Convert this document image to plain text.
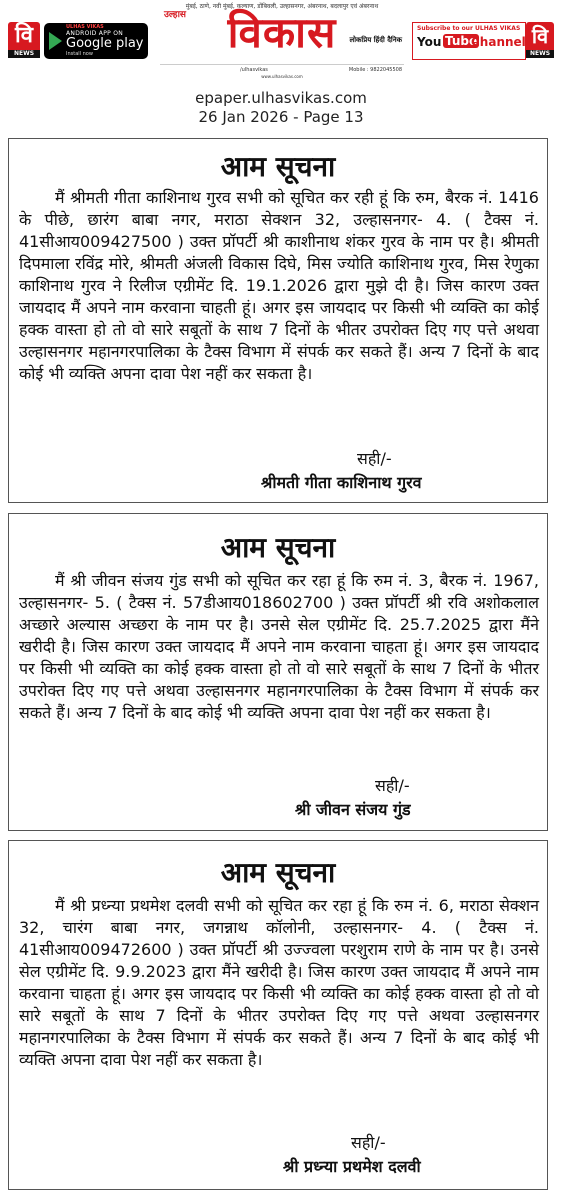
वि
NEWS
ULHAS VIKAS
ANDROID APP ON
Google play
Install now
मुंबई, ठाणे, नवी मुंबई, कल्याण, डोंबिवली, उल्हासनगर, अंबरनाथ, बदलापुर एवं अंबरनाथ
उल्हास विकास	लोकप्रिय हिंदी दैनिक
/ulhasvikas	Mobile : 9822045508
www.ulhasvikas.com
Subscribe to our ULHAS VIKAS
You Tube
Channel वि
NEWS
epaper.ulhasvikas.com
26 Jan 2026 - Page 13
आम सूचना
मैं श्रीमती गीता काशिनाथ गुरव सभी को सूचित कर रही हूं कि रुम, बैरक नं. 1416 के पीछे, छारंग बाबा नगर, मराठा सेक्शन 32, उल्हासनगर- 4. ( टैक्स नं. 41सीआय009427500 ) उक्त प्रॉपर्टी श्री काशीनाथ शंकर गुरव के नाम पर है। श्रीमती दिपमाला रविंद्र मोरे, श्रीमती अंजली विकास दिघे, मिस ज्योति काशिनाथ गुरव, मिस रेणुका काशिनाथ गुरव ने रिलीज एग्रीमेंट दि. 19.1.2026 द्वारा मुझे दी है। जिस कारण उक्त जायदाद मैं अपने नाम करवाना चाहती हूं। अगर इस जायदाद पर किसी भी व्यक्ति का कोई हक्क वास्ता हो तो वो सारे सबूतों के साथ 7 दिनों के भीतर उपरोक्त दिए गए पत्ते अथवा उल्हासनगर महानगरपालिका के टैक्स विभाग में संपर्क कर सकते हैं। अन्य 7 दिनों के बाद कोई भी व्यक्ति अपना दावा पेश नहीं कर सकता है।
सही/-
श्रीमती गीता काशिनाथ गुरव
आम सूचना
मैं श्री जीवन संजय गुंड सभी को सूचित कर रहा हूं कि रुम नं. 3, बैरक नं. 1967, उल्हासनगर- 5. ( टैक्स नं. 57डीआय018602700 ) उक्त प्रॉपर्टी श्री रवि अशोकलाल अच्छारे अल्यास अच्छरा के नाम पर है। उनसे सेल एग्रीमेंट दि. 25.7.2025 द्वारा मैंने खरीदी है। जिस कारण उक्त जायदाद मैं अपने नाम करवाना चाहता हूं। अगर इस जायदाद पर किसी भी व्यक्ति का कोई हक्क वास्ता हो तो वो सारे सबूतों के साथ 7 दिनों के भीतर उपरोक्त दिए गए पत्ते अथवा उल्हासनगर महानगरपालिका के टैक्स विभाग में संपर्क कर सकते हैं। अन्य 7 दिनों के बाद कोई भी व्यक्ति अपना दावा पेश नहीं कर सकता है।
सही/-
श्री जीवन संजय गुंड
आम सूचना
मैं श्री प्रध्न्या प्रथमेश दलवी सभी को सूचित कर रहा हूं कि रुम नं. 6, मराठा सेक्शन 32, चारंग बाबा नगर, जगन्नाथ कॉलोनी, उल्हासनगर- 4. ( टैक्स नं. 41सीआय009472600 ) उक्त प्रॉपर्टी श्री उज्ज्वला परशुराम राणे के नाम पर है। उनसे सेल एग्रीमेंट दि. 9.9.2023 द्वारा मैंने खरीदी है। जिस कारण उक्त जायदाद मैं अपने नाम करवाना चाहता हूं। अगर इस जायदाद पर किसी भी व्यक्ति का कोई हक्क वास्ता हो तो वो सारे सबूतों के साथ 7 दिनों के भीतर उपरोक्त दिए गए पत्ते अथवा उल्हासनगर महानगरपालिका के टैक्स विभाग में संपर्क कर सकते हैं। अन्य 7 दिनों के बाद कोई भी व्यक्ति अपना दावा पेश नहीं कर सकता है।
सही/-
श्री प्रध्न्या प्रथमेश दलवी
